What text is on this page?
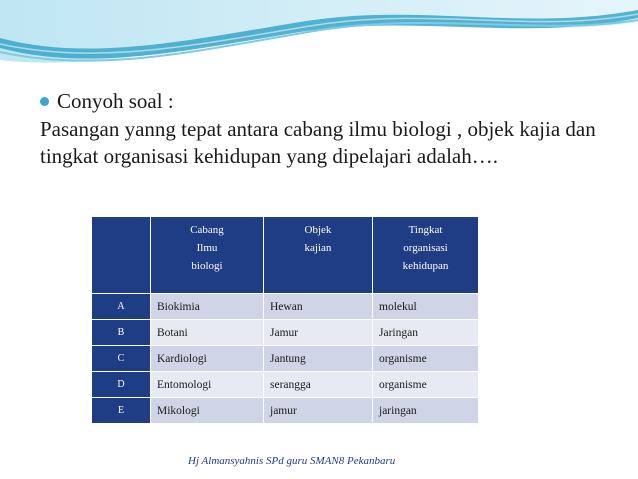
Conyoh soal :
Pasangan yanng tepat antara cabang ilmu biologi , objek kajia dan tingkat organisasi kehidupan yang dipelajari adalah….
	Cabang
Ilmu
biologi	Objek
kajian	Tingkat
organisasi
kehidupan
A	Biokimia	Hewan	molekul
B	Botani	Jamur	Jaringan
C	Kardiologi	Jantung	organisme
D	Entomologi	serangga	organisme
E	Mikologi	jamur	jaringan
Hj Almansyahnis SPd guru SMAN8 Pekanbaru
